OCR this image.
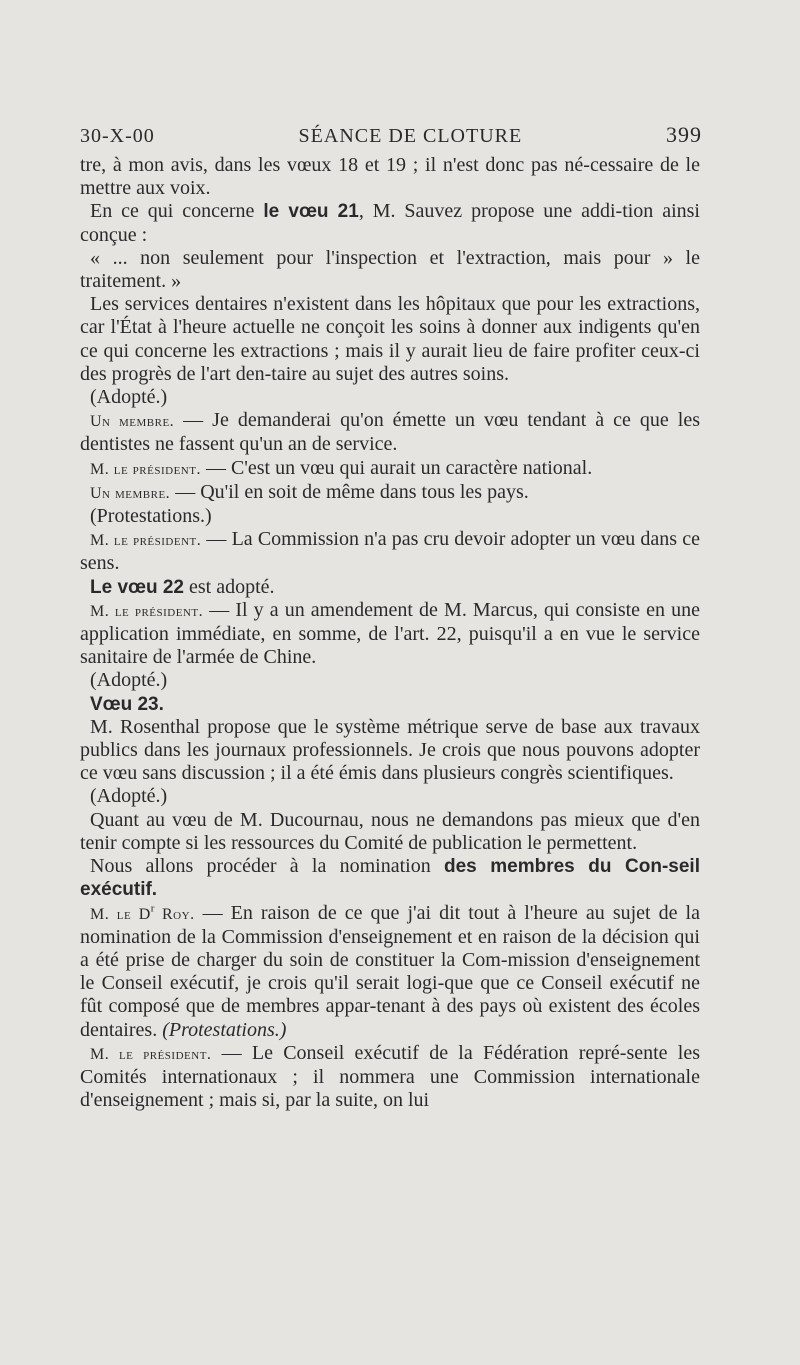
30-X-00	SÉANCE DE CLOTURE	399

tre, à mon avis, dans les vœux 18 et 19 ; il n'est donc pas né-cessaire de le mettre aux voix.

En ce qui concerne le vœu 21, M. Sauvez propose une addi-tion ainsi conçue :

« ... non seulement pour l'inspection et l'extraction, mais pour » le traitement. »

Les services dentaires n'existent dans les hôpitaux que pour les extractions, car l'État à l'heure actuelle ne conçoit les soins à donner aux indigents qu'en ce qui concerne les extractions ; mais il y aurait lieu de faire profiter ceux-ci des progrès de l'art den-taire au sujet des autres soins.

(Adopté.)

Un membre. — Je demanderai qu'on émette un vœu tendant à ce que les dentistes ne fassent qu'un an de service.

M. le président. — C'est un vœu qui aurait un caractère national.

Un membre. — Qu'il en soit de même dans tous les pays.

(Protestations.)

M. le président. — La Commission n'a pas cru devoir adopter un vœu dans ce sens.

Le vœu 22 est adopté.

M. le président. — Il y a un amendement de M. Marcus, qui consiste en une application immédiate, en somme, de l'art. 22, puisqu'il a en vue le service sanitaire de l'armée de Chine.

(Adopté.)

Vœu 23.

M. Rosenthal propose que le système métrique serve de base aux travaux publics dans les journaux professionnels. Je crois que nous pouvons adopter ce vœu sans discussion ; il a été émis dans plusieurs congrès scientifiques.

(Adopté.)

Quant au vœu de M. Ducournau, nous ne demandons pas mieux que d'en tenir compte si les ressources du Comité de publication le permettent.

Nous allons procéder à la nomination des membres du Con-seil exécutif.

M. le $D^r$ Roy. — En raison de ce que j'ai dit tout à l'heure au sujet de la nomination de la Commission d'enseignement et en raison de la décision qui a été prise de charger du soin de constituer la Com-mission d'enseignement le Conseil exécutif, je crois qu'il serait logi-que que ce Conseil exécutif ne fût composé que de membres appar-tenant à des pays où existent des écoles dentaires. (Protestations.)

M. le président. — Le Conseil exécutif de la Fédération repré-sente les Comités internationaux ; il nommera une Commission internationale d'enseignement ; mais si, par la suite, on lui
